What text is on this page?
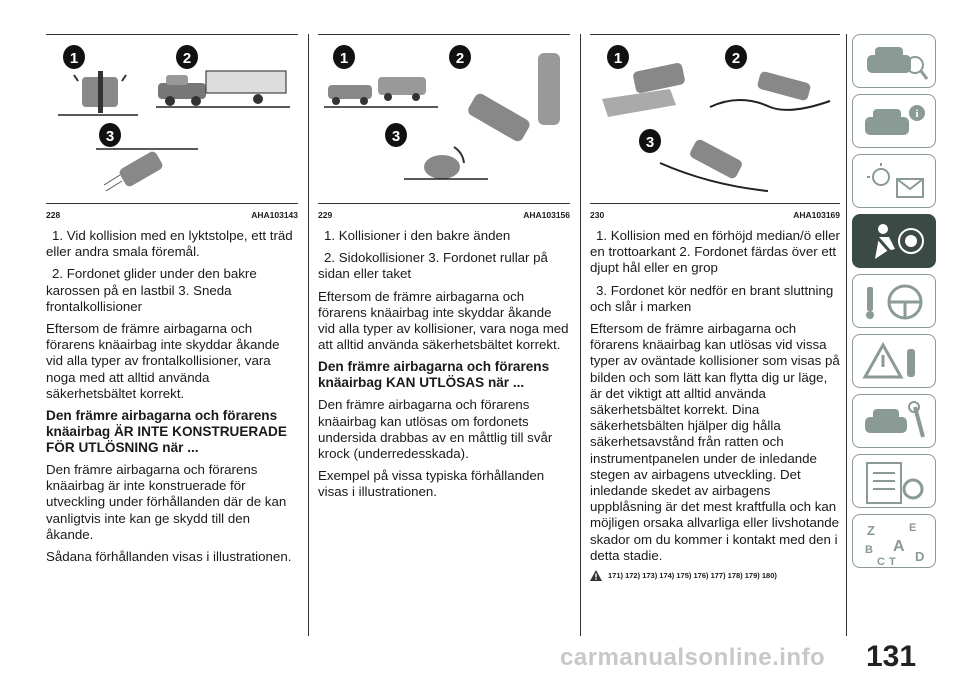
1	2
3
228	AHA103143

1. Vid kollision med en lyktstolpe, ett träd eller andra smala föremål.

2. Fordonet glider under den bakre karossen på en lastbil 3. Sneda frontalkollisioner

Eftersom de främre airbagarna och förarens knäairbag inte skyddar åkande vid alla typer av frontalkollisioner, vara noga med att alltid använda säkerhetsbältet korrekt.

Den främre airbagarna och förarens knäairbag ÄR INTE KONSTRUERADE FÖR UTLÖSNING när ...

Den främre airbagarna och förarens knäairbag är inte konstruerade för utveckling under förhållanden där de kan vanligtvis inte kan ge skydd till den åkande.

Sådana förhållanden visas i illustrationen.

1	2
3
229	AHA103156

1. Kollisioner i den bakre änden

2. Sidokollisioner 3. Fordonet rullar på sidan eller taket

Eftersom de främre airbagarna och förarens knäairbag inte skyddar åkande vid alla typer av kollisioner, vara noga med att alltid använda säkerhetsbältet korrekt.

Den främre airbagarna och förarens knäairbag KAN UTLÖSAS när ...

Den främre airbagarna och förarens knäairbag kan utlösas om fordonets undersida drabbas av en måttlig till svår krock (underredesskada).

Exempel på vissa typiska förhållanden visas i illustrationen.

1	2
3
230	AHA103169

1. Kollision med en förhöjd median/ö eller en trottoarkant 2. Fordonet färdas över ett djupt hål eller en grop

3. Fordonet kör nedför en brant sluttning och slår i marken

Eftersom de främre airbagarna och förarens knäairbag kan utlösas vid vissa typer av oväntade kollisioner som visas på bilden och som lätt kan flytta dig ur läge, är det viktigt att alltid använda säkerhetsbältet korrekt. Dina säkerhetsbälten hjälper dig hålla säkerhetsavstånd från ratten och instrumentpanelen under de inledande stegen av airbagens utveckling. Det inledande skedet av airbagens uppblåsning är det mest kraftfulla och kan möjligen orsaka allvarliga eller livshotande skador om du kommer i kontakt med den i detta stadie.

171) 172) 173) 174) 175) 176) 177) 178) 179) 180)
i
Z	E
B A
C T D
carmanualsonline.info 131
